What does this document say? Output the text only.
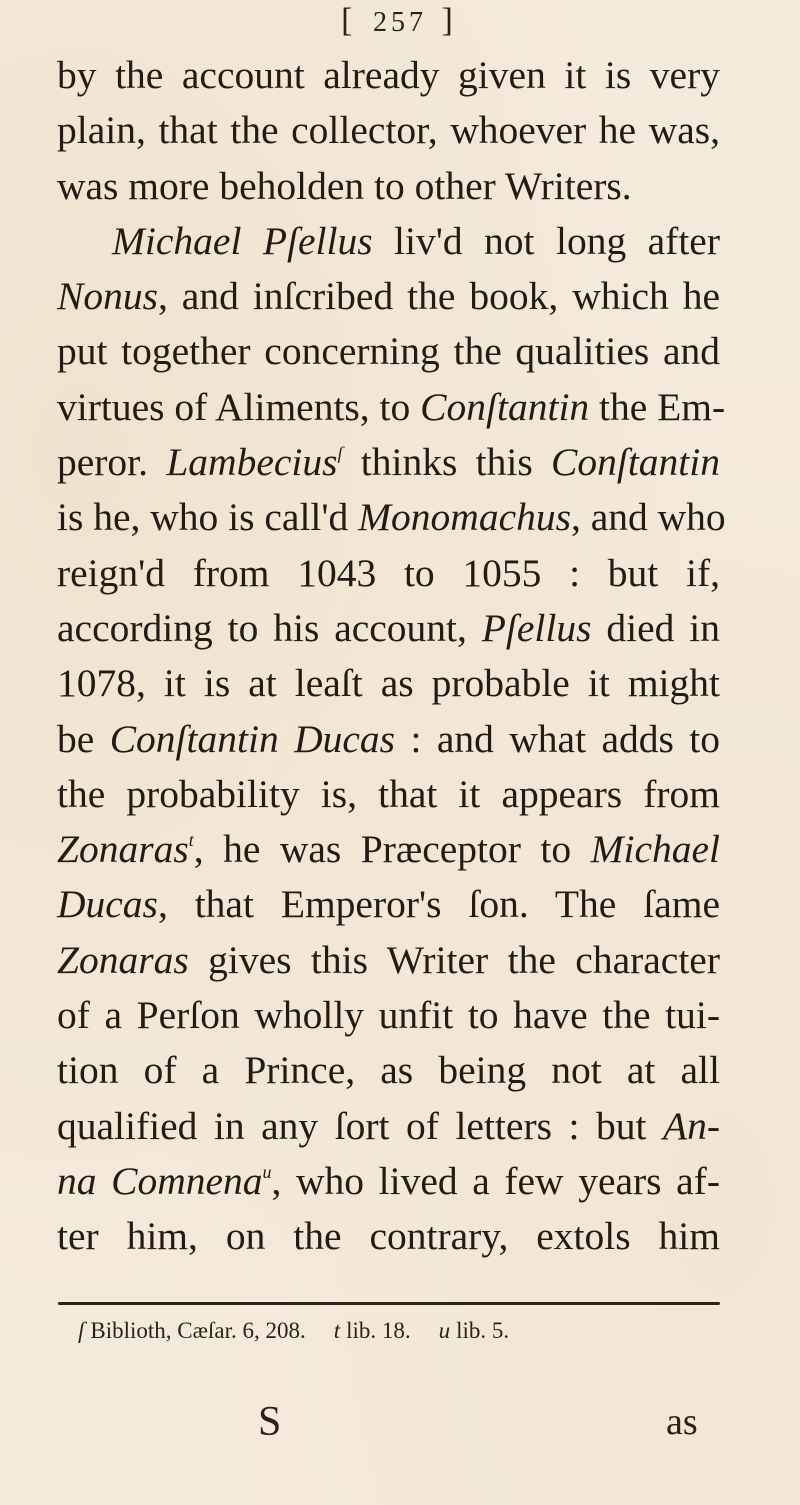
[ 257 ]
by the account already given it is very
plain, that the collector, whoever he was,
was more beholden to other Writers.
Michael Pſellus liv'd not long after
Nonus, and inſcribed the book, which he
put together concerning the qualities and
virtues of Aliments, to Conſtantin the Em-
peror. Lambecius$^ſ$ thinks this Conſtantin
is he, who is call'd Monomachus, and who
reign'd from 1043 to 1055 : but if,
according to his account, Pſellus died in
1078, it is at leaſt as probable it might
be Conſtantin Ducas : and what adds to
the probability is, that it appears from
Zonaras$^t$, he was Præceptor to Michael
Ducas, that Emperor's ſon. The ſame
Zonaras gives this Writer the character
of a Perſon wholly unfit to have the tui-
tion of a Prince, as being not at all
qualified in any ſort of letters : but An-
na Comnena$^u$, who lived a few years af-
ter him, on the contrary, extols him
ſ Biblioth, Cæſar. 6, 208. t lib. 18. u lib. 5.
S	as
